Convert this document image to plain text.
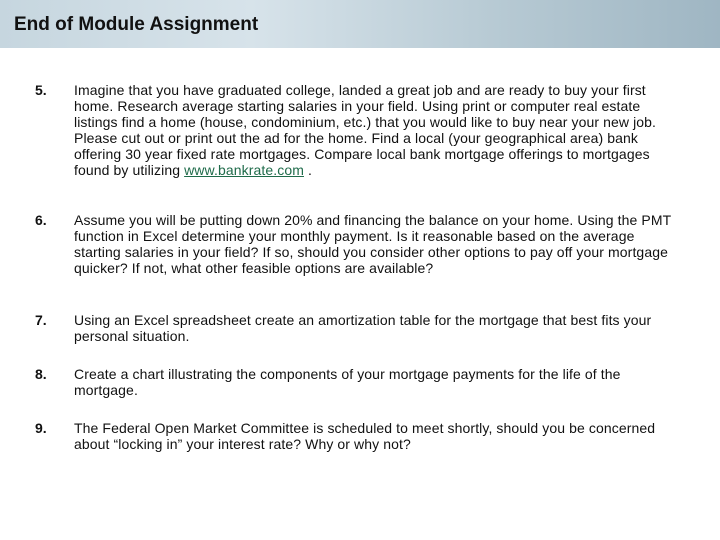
End of Module Assignment
5. Imagine that you have graduated college, landed a great job and are ready to buy your first home. Research average starting salaries in your field. Using print or computer real estate listings find a home (house, condominium, etc.) that you would like to buy near your new job. Please cut out or print out the ad for the home. Find a local (your geographical area) bank offering 30 year fixed rate mortgages. Compare local bank mortgage offerings to mortgages found by utilizing www.bankrate.com .
6. Assume you will be putting down 20% and financing the balance on your home. Using the PMT function in Excel determine your monthly payment. Is it reasonable based on the average starting salaries in your field? If so, should you consider other options to pay off your mortgage quicker? If not, what other feasible options are available?
7. Using an Excel spreadsheet create an amortization table for the mortgage that best fits your personal situation.
8. Create a chart illustrating the components of your mortgage payments for the life of the mortgage.
9. The Federal Open Market Committee is scheduled to meet shortly, should you be concerned about “locking in” your interest rate? Why or why not?
